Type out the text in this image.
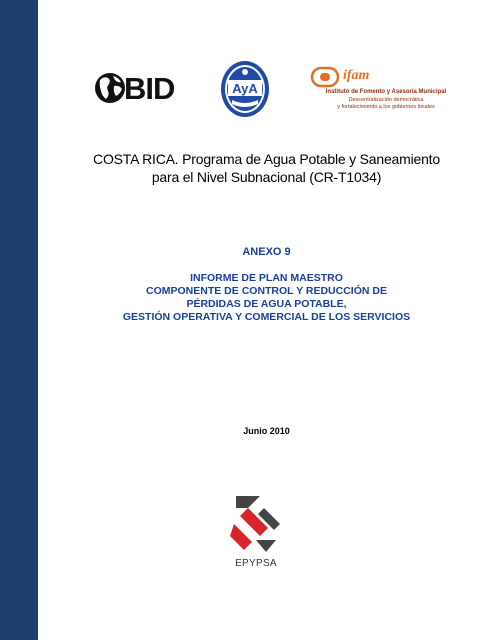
BID	AyA
ifam
Instituto de Fomento y Asesoría Municipal
Descentralización democrática
y fortalecimiento a los gobiernos locales
COSTA RICA. Programa de Agua Potable y Saneamiento
para el Nivel Subnacional (CR-T1034)
ANEXO 9
INFORME DE PLAN MAESTRO
COMPONENTE DE CONTROL Y REDUCCIÓN DE
PÉRDIDAS DE AGUA POTABLE,
GESTIÓN OPERATIVA Y COMERCIAL DE LOS SERVICIOS
Junio 2010
EPYPSA
